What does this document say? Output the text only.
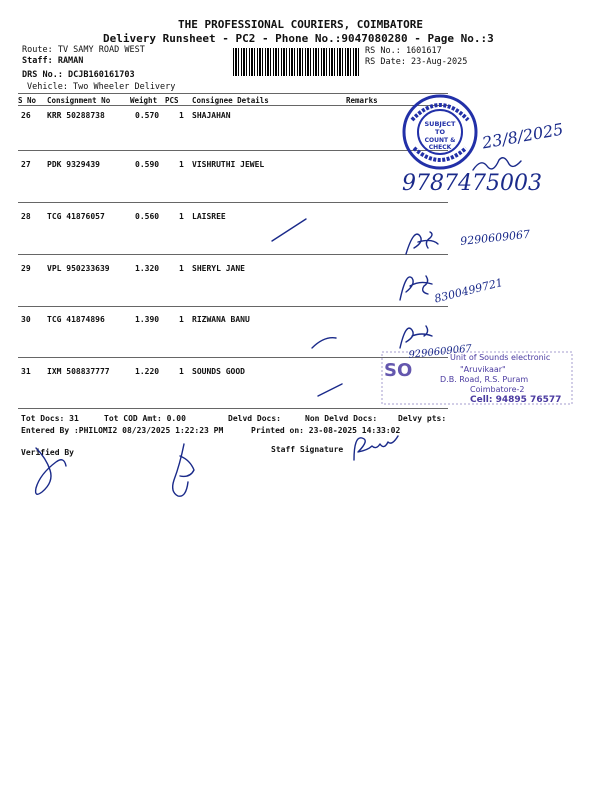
THE PROFESSIONAL COURIERS, COIMBATORE
Delivery Runsheet - PC2 - Phone No.:9047080280 - Page No.:3
Route: TV SAMY ROAD WEST
Staff: RAMAN
DRS No.: DCJB160161703
Vehicle: Two Wheeler Delivery
RS No.: 1601617
RS Date: 23-Aug-2025
S No Consignment No	Weight PCS Consignee Details	Remarks
26 KRR 50288738	0.570 1 SHAJAHAN
27 PDK 9329439	0.590 1 VISHRUTHI JEWEL
28 TCG 41876057	0.560 1 LAISREE
29 VPL 950233639	1.320 1 SHERYL JANE
30 TCG 41874896	1.390 1 RIZWANA BANU
31 IXM 508837777	1.220 1 SOUNDS GOOD
Tot Docs: 31	Tot COD Amt: 0.00	Delvd Docs:	Non Delvd Docs:	Delvy pts:
Entered By :PHILOMI2 08/23/2025 1:22:23 PM	Printed on: 23-08-2025 14:33:02
Verified By	Staff Signature
SUBJECT
TO
COUNT &
CHECK 23/8/2025
9787475003
9290609067
8300499721
9290609067
SO
Unit of Sounds electronic
"Aruvikaar"
D.B. Road, R.S. Puram
Coimbatore-2
Cell: 94895 76577
